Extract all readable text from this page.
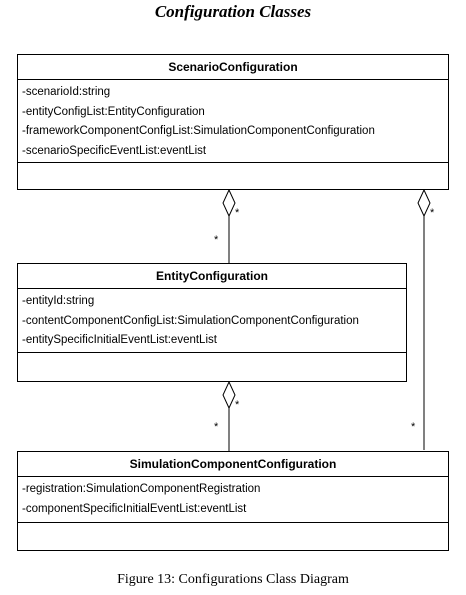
Configuration Classes
*
*
*
*
*
*
ScenarioConfiguration
-scenarioId:string
-entityConfigList:EntityConfiguration
-frameworkComponentConfigList:SimulationComponentConfiguration
-scenarioSpecificEventList:eventList
EntityConfiguration
-entityId:string
-contentComponentConfigList:SimulationComponentConfiguration
-entitySpecificInitialEventList:eventList
SimulationComponentConfiguration
-registration:SimulationComponentRegistration
-componentSpecificInitialEventList:eventList
Figure 13: Configurations Class Diagram
